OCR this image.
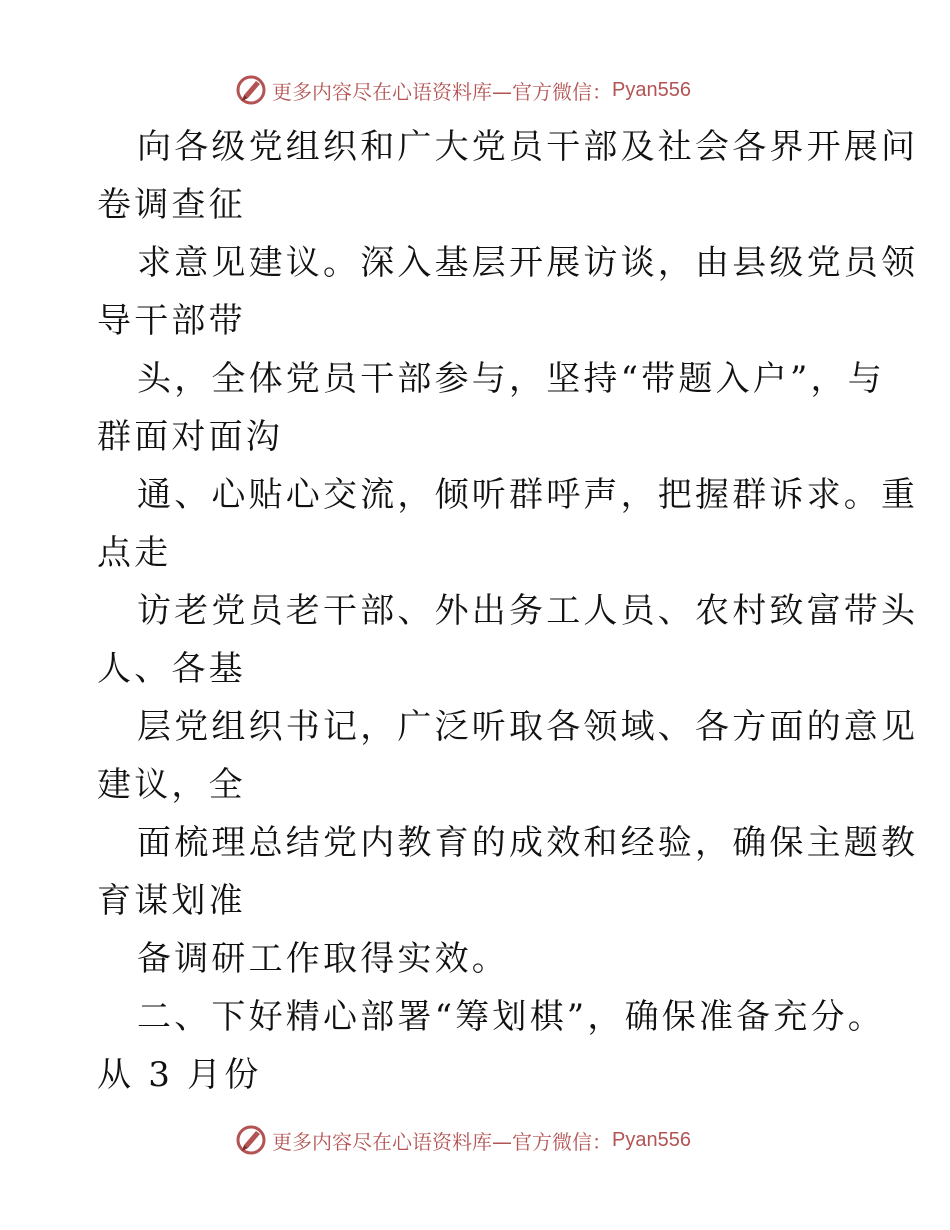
更多内容尽在心语资料库—官方微信： Pyan556
向各级党组织和广大党员干部及社会各界开展问
卷调查征
求意见建议。深入基层开展访谈，由县级党员领
导干部带
头，全体党员干部参与，坚持“带题入户”，与
群面对面沟
通、心贴心交流，倾听群呼声，把握群诉求。重
点走
访老党员老干部、外出务工人员、农村致富带头
人、各基
层党组织书记，广泛听取各领域、各方面的意见
建议，全
面梳理总结党内教育的成效和经验，确保主题教
育谋划准
备调研工作取得实效。
二、下好精心部署“筹划棋”，确保准备充分。
从 3 月份
更多内容尽在心语资料库—官方微信： Pyan556
